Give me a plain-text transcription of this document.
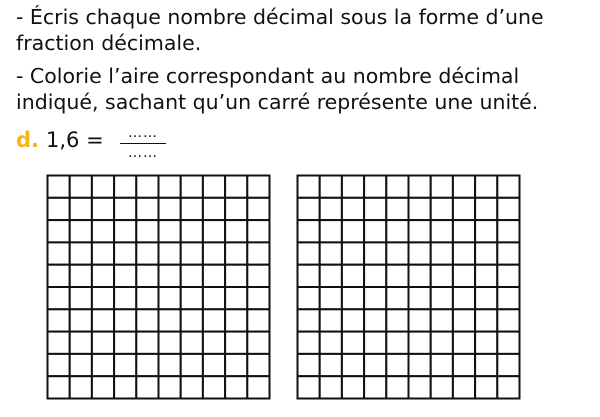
- Écris chaque nombre décimal sous la forme d’une
fraction décimale.

- Colorie l’aire correspondant au nombre décimal
indiqué, sachant qu’un carré représente une unité.

d. 1,6 =	……
……
